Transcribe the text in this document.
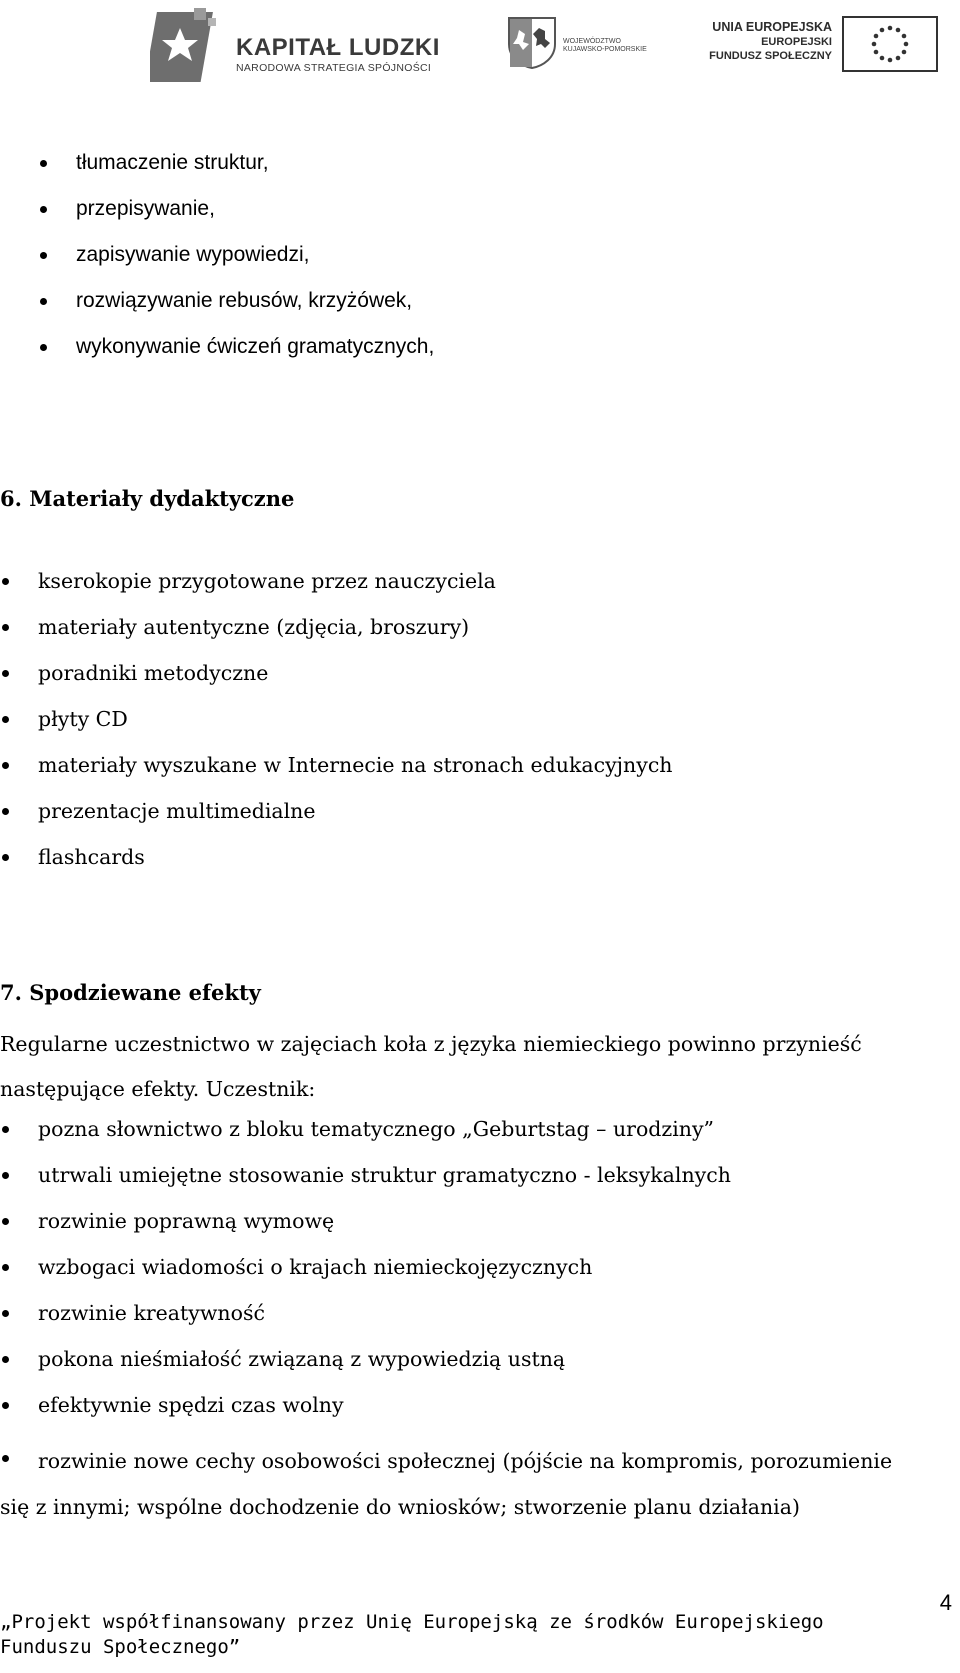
KAPITAŁ LUDZKI
NARODOWA STRATEGIA SPÓJNOŚCI
WOJEWÓDZTWO
KUJAWSKO-POMORSKIE
UNIA EUROPEJSKA
EUROPEJSKI
FUNDUSZ SPOŁECZNY
tłumaczenie struktur,
przepisywanie,
zapisywanie wypowiedzi,
rozwiązywanie rebusów, krzyżówek,
wykonywanie ćwiczeń gramatycznych,
6. Materiały dydaktyczne
kserokopie przygotowane przez nauczyciela
materiały autentyczne (zdjęcia, broszury)
poradniki metodyczne
płyty CD
materiały wyszukane w Internecie na stronach edukacyjnych
prezentacje multimedialne
flashcards
7. Spodziewane efekty
Regularne uczestnictwo w zajęciach koła z języka niemieckiego powinno przynieść
następujące efekty. Uczestnik:
pozna słownictwo z bloku tematycznego „Geburtstag – urodziny”
utrwali umiejętne stosowanie struktur gramatyczno - leksykalnych
rozwinie poprawną wymowę
wzbogaci wiadomości o krajach niemieckojęzycznych
rozwinie kreatywność
pokona nieśmiałość związaną z wypowiedzią ustną
efektywnie spędzi czas wolny
rozwinie nowe cechy osobowości społecznej (pójście na kompromis, porozumienie
się z innymi; wspólne dochodzenie do wniosków; stworzenie planu działania)
4
„Projekt współfinansowany przez Unię Europejską ze środków Europejskiego
Funduszu Społecznego”
